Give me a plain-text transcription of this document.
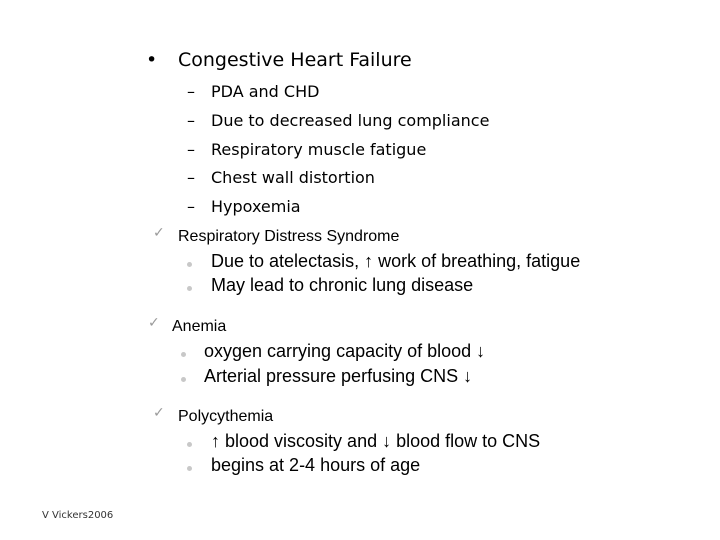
• Congestive Heart Failure
– PDA and CHD
– Due to decreased lung compliance
– Respiratory muscle fatigue
– Chest wall distortion
– Hypoxemia
✓ Respiratory Distress Syndrome
Due to atelectasis, ↑ work of breathing, fatigue
May lead to chronic lung disease
✓ Anemia
oxygen carrying capacity of blood ↓
Arterial pressure perfusing CNS ↓
✓ Polycythemia
↑ blood viscosity and ↓ blood flow to CNS
begins at 2-4 hours of age
V Vickers2006
